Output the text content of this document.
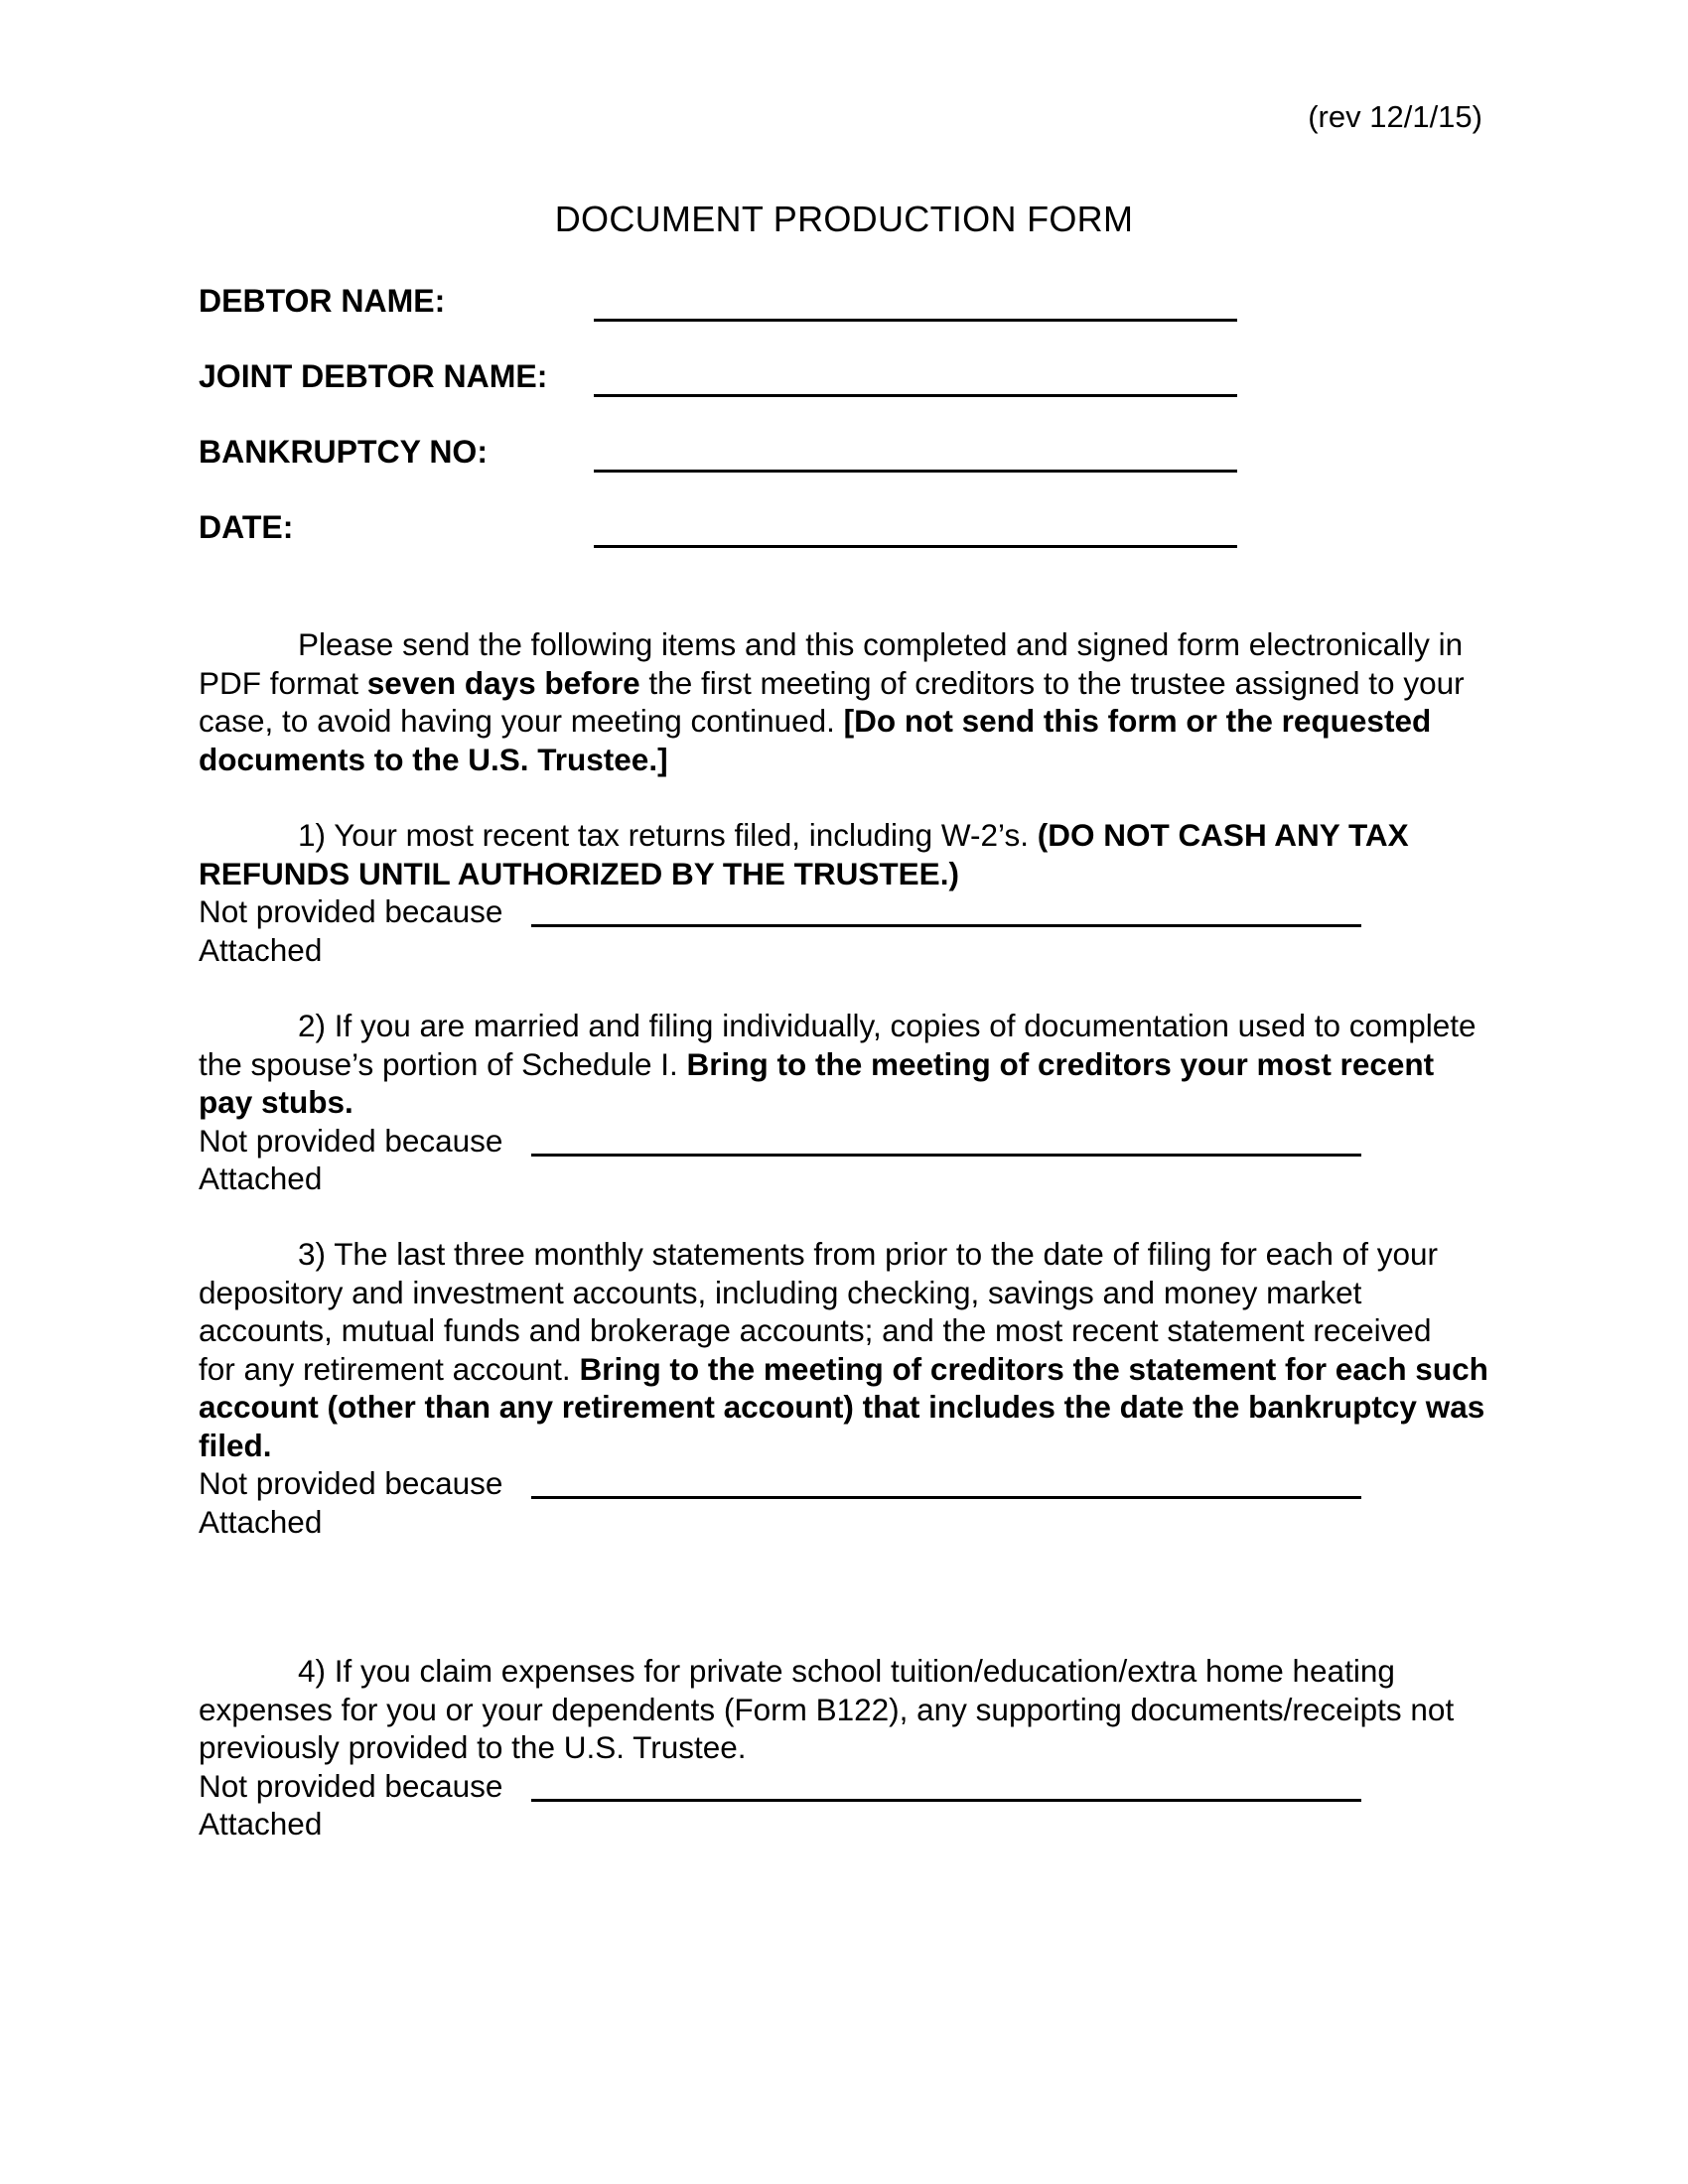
(rev 12/1/15)
DOCUMENT PRODUCTION FORM
DEBTOR NAME:
JOINT DEBTOR NAME:
BANKRUPTCY NO:
DATE:

Please send the following items and this completed and signed form electronically in PDF format seven days before the first meeting of creditors to the trustee assigned to your case, to avoid having your meeting continued. [Do not send this form or the requested documents to the U.S. Trustee.]

1) Your most recent tax returns filed, including W-2’s. (DO NOT CASH ANY TAX REFUNDS UNTIL AUTHORIZED BY THE TRUSTEE.)

Not provided because

Attached

2) If you are married and filing individually, copies of documentation used to complete the spouse’s portion of Schedule I. Bring to the meeting of creditors your most recent pay stubs.

Not provided because

Attached

3) The last three monthly statements from prior to the date of filing for each of your depository and investment accounts, including checking, savings and money market

accounts, mutual funds and brokerage accounts; and the most recent statement received

for any retirement account. Bring to the meeting of creditors the statement for each such account (other than any retirement account) that includes the date the bankruptcy was filed.

Not provided because

Attached

4) If you claim expenses for private school tuition/education/extra home heating expenses for you or your dependents (Form B122), any supporting documents/receipts not previously provided to the U.S. Trustee.

Not provided because

Attached
